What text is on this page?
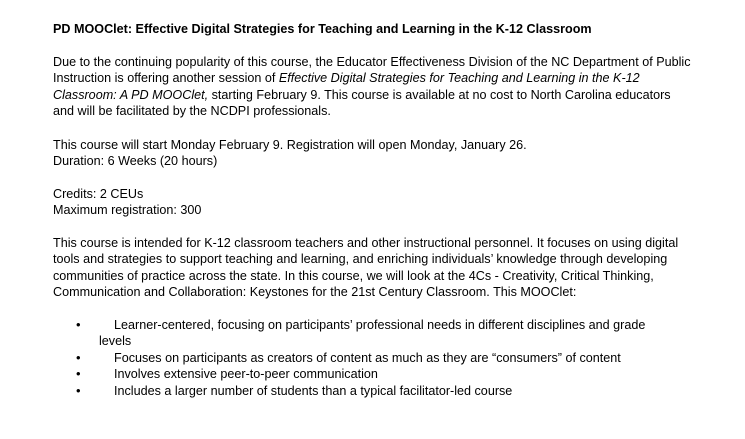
PD MOOClet: Effective Digital Strategies for Teaching and Learning in the K-12 Classroom

Due to the continuing popularity of this course, the Educator Effectiveness Division of the NC Department of Public Instruction is offering another session of Effective Digital Strategies for Teaching and Learning in the K-12 Classroom: A PD MOOClet, starting February 9. This course is available at no cost to North Carolina educators and will be facilitated by the NCDPI professionals.

This course will start Monday February 9. Registration will open Monday, January 26.
Duration: 6 Weeks (20 hours)

Credits: 2 CEUs
Maximum registration: 300

This course is intended for K-12 classroom teachers and other instructional personnel. It focuses on using digital tools and strategies to support teaching and learning, and enriching individuals’ knowledge through developing communities of practice across the state. In this course, we will look at the 4Cs - Creativity, Critical Thinking, Communication and Collaboration: Keystones for the 21st Century Classroom. This MOOClet:

•	Learner-centered, focusing on participants’ professional needs in different disciplines and grade
levels
•	Focuses on participants as creators of content as much as they are “consumers” of content
•	Involves extensive peer-to-peer communication
•	Includes a larger number of students than a typical facilitator-led course
